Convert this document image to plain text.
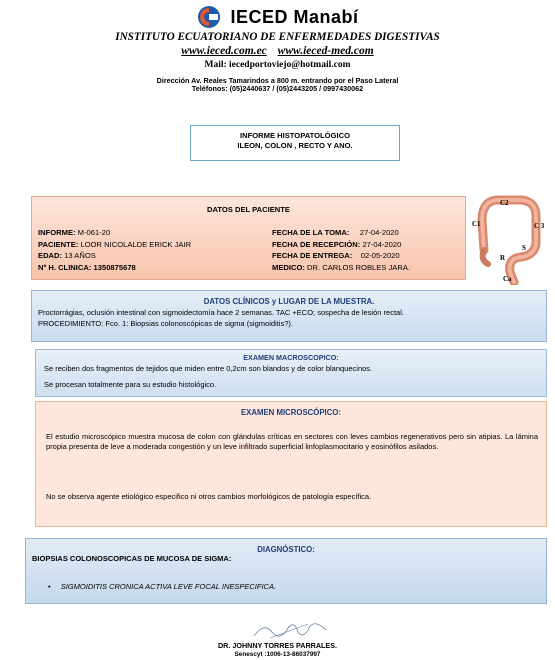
IECED Manabí
INSTITUTO ECUATORIANO DE ENFERMEDADES DIGESTIVAS
www.ieced.com.ec www.ieced-med.com
Mail: iecedportoviejo@hotmail.com
Dirección Av. Reales Tamarindos a 800 m. entrando por el Paso Lateral
Teléfonos: (05)2440637 / (05)2443205 / 0997430062
INFORME HISTOPATOLÓGICO
ILEON, COLON , RECTO Y ANO.
DATOS DEL PACIENTE
INFORME: M-061-20
PACIENTE: LOOR NICOLALDE ERICK JAIR
EDAD: 13 AÑOS
Nº H. CLINICA: 1350875678
FECHA DE LA TOMA: 27-04-2020
FECHA DE RECEPCIÓN: 27-04-2020
FECHA DE ENTREGA: 02-05-2020
MEDICO: DR. CARLOS ROBLES JARA.
C2
C1	C 3
S
R
Ca
DATOS CLÍNICOS y LUGAR DE LA MUESTRA.
Proctorrágias, oclusión intestinal con sigmoidectomía hace 2 semanas. TAC +ECO; sospecha de lesión rectal.
PROCEDIMIENTO: Fco. 1: Biopsias colonoscópicas de sigma (sigmoiditis?).
EXAMEN MACROSCOPICO:
Se reciben dos fragmentos de tejidos que miden entre 0,2cm son blandos y de color blanquecinos.
Se procesan totalmente para su estudio histológico.
EXAMEN MICROSCÓPICO:
El estudio microscópico muestra mucosa de colon con glándulas críticas en sectores con leves cambios regenerativos pero sin atipias. La lámina propia presenta de leve a moderada congestión y un leve infiltrado superficial linfoplasmocitario y eosinófilos asilados.
No se observa agente etiológico especifico ni otros cambios morfológicos de patología específica.
DIAGNÓSTICO:
BIOPSIAS COLONOSCOPICAS DE MUCOSA DE SIGMA:
• SIGMOIDITIS CRONICA ACTIVA LEVE FOCAL INESPECIFICA.
DR. JOHNNY TORRES PARRALES.
Senescyt :1006-13-86037997
